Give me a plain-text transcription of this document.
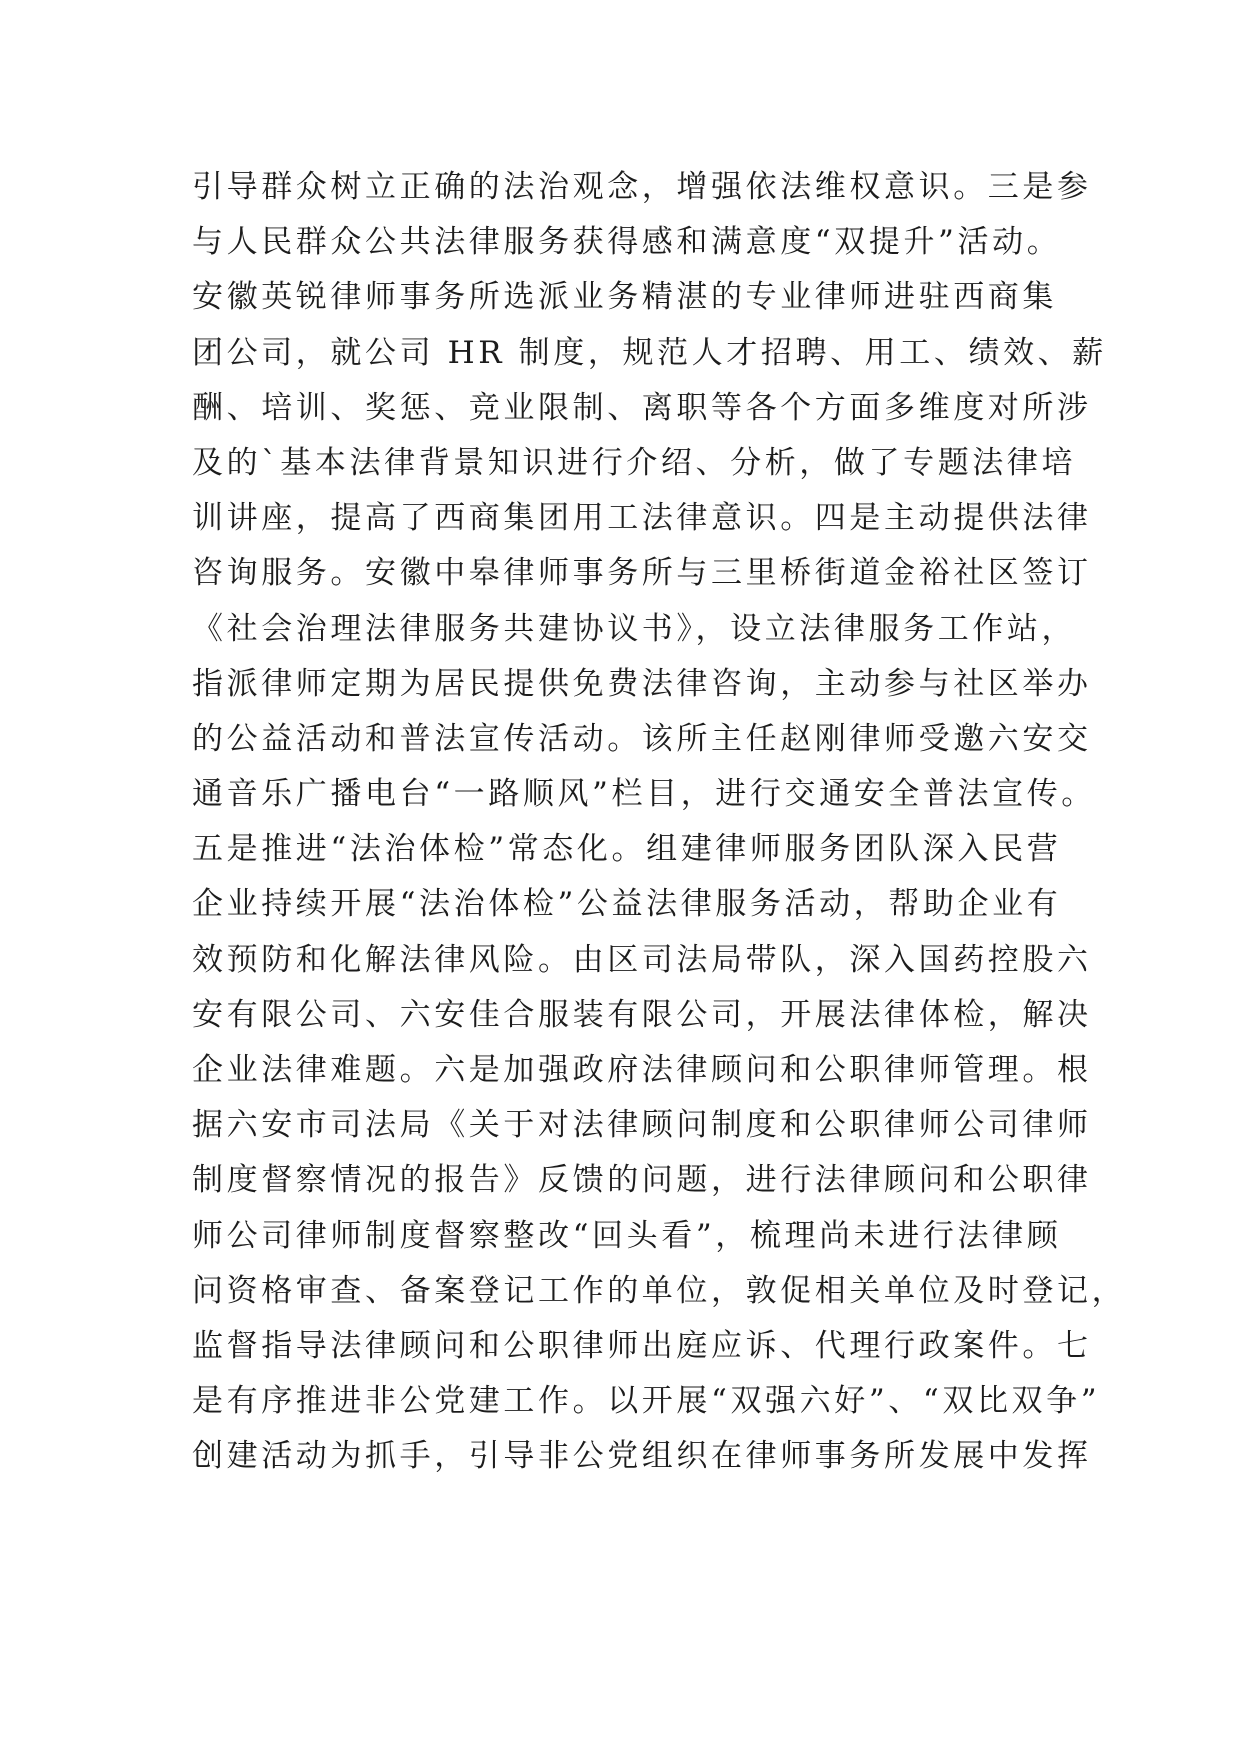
引导群众树立正确的法治观念，增强依法维权意识。三是参
与人民群众公共法律服务获得感和满意度“双提升”活动。
安徽英锐律师事务所选派业务精湛的专业律师进驻西商集
团公司，就公司 HR 制度，规范人才招聘、用工、绩效、薪
酬、培训、奖惩、竞业限制、离职等各个方面多维度对所涉
及的`基本法律背景知识进行介绍、分析，做了专题法律培
训讲座，提高了西商集团用工法律意识。四是主动提供法律
咨询服务。安徽中皋律师事务所与三里桥街道金裕社区签订
《社会治理法律服务共建协议书》，设立法律服务工作站，
指派律师定期为居民提供免费法律咨询，主动参与社区举办
的公益活动和普法宣传活动。该所主任赵刚律师受邀六安交
通音乐广播电台“一路顺风”栏目，进行交通安全普法宣传。
五是推进“法治体检”常态化。组建律师服务团队深入民营
企业持续开展“法治体检”公益法律服务活动，帮助企业有
效预防和化解法律风险。由区司法局带队，深入国药控股六
安有限公司、六安佳合服装有限公司，开展法律体检，解决
企业法律难题。六是加强政府法律顾问和公职律师管理。根
据六安市司法局《关于对法律顾问制度和公职律师公司律师
制度督察情况的报告》反馈的问题，进行法律顾问和公职律
师公司律师制度督察整改“回头看”，梳理尚未进行法律顾
问资格审查、备案登记工作的单位，敦促相关单位及时登记，
监督指导法律顾问和公职律师出庭应诉、代理行政案件。七
是有序推进非公党建工作。以开展“双强六好”、“双比双争”
创建活动为抓手，引导非公党组织在律师事务所发展中发挥
